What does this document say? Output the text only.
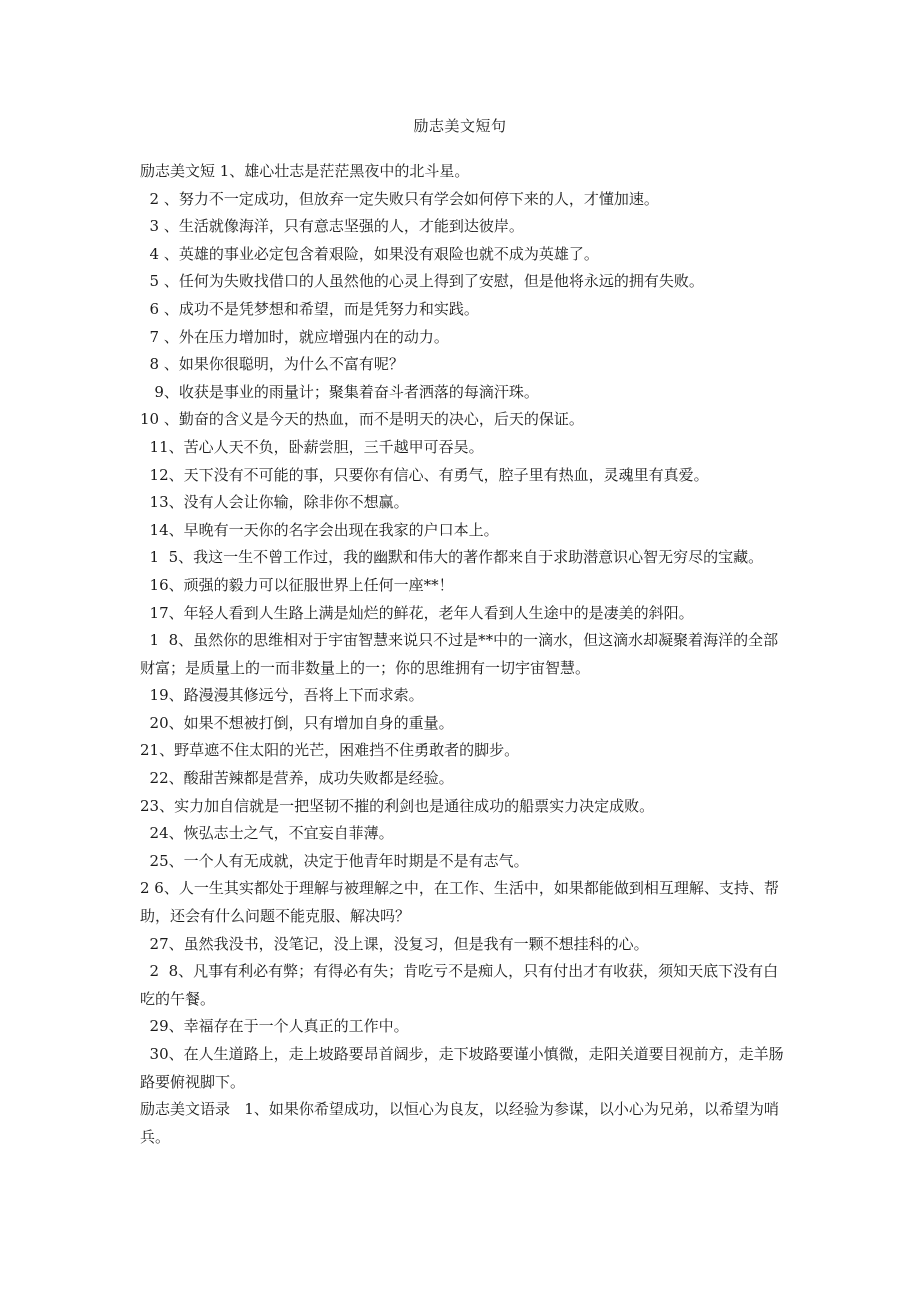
励志美文短句

励志美文短 1、雄心壮志是茫茫黑夜中的北斗星。

2 、努力不一定成功，但放弃一定失败只有学会如何停下来的人，才懂加速。

3 、生活就像海洋，只有意志坚强的人，才能到达彼岸。

4 、英雄的事业必定包含着艰险，如果没有艰险也就不成为英雄了。

5 、任何为失败找借口的人虽然他的心灵上得到了安慰，但是他将永远的拥有失败。

6 、成功不是凭梦想和希望，而是凭努力和实践。

7 、外在压力增加时，就应增强内在的动力。

8 、如果你很聪明，为什么不富有呢？

9、收获是事业的雨量计；聚集着奋斗者洒落的每滴汗珠。

10 、勤奋的含义是今天的热血，而不是明天的决心，后天的保证。

11、苦心人天不负，卧薪尝胆，三千越甲可吞吴。

12、天下没有不可能的事，只要你有信心、有勇气，腔子里有热血，灵魂里有真爱。

13、没有人会让你输，除非你不想赢。

14、早晚有一天你的名字会出现在我家的户口本上。

1  5、我这一生不曾工作过，我的幽默和伟大的著作都来自于求助潜意识心智无穷尽的宝藏。

16、顽强的毅力可以征服世界上任何一座**！

17、年轻人看到人生路上满是灿烂的鲜花，老年人看到人生途中的是凄美的斜阳。

1  8、虽然你的思维相对于宇宙智慧来说只不过是**中的一滴水，但这滴水却凝聚着海洋的全部财富；是质量上的一而非数量上的一；你的思维拥有一切宇宙智慧。

19、路漫漫其修远兮，吾将上下而求索。

20、如果不想被打倒，只有增加自身的重量。

21、野草遮不住太阳的光芒，困难挡不住勇敢者的脚步。

22、酸甜苦辣都是营养，成功失败都是经验。

23、实力加自信就是一把坚韧不摧的利剑也是通往成功的船票实力决定成败。

24、恢弘志士之气，不宜妄自菲薄。

25、一个人有无成就，决定于他青年时期是不是有志气。

2 6、人一生其实都处于理解与被理解之中，在工作、生活中，如果都能做到相互理解、支持、帮助，还会有什么问题不能克服、解决吗？

27、虽然我没书，没笔记，没上课，没复习，但是我有一颗不想挂科的心。

2  8、凡事有利必有弊；有得必有失；肯吃亏不是痴人，只有付出才有收获，须知天底下没有白吃的午餐。

29、幸福存在于一个人真正的工作中。

30、在人生道路上，走上坡路要昂首阔步，走下坡路要谨小慎微，走阳关道要目视前方，走羊肠路要俯视脚下。

励志美文语录   1、如果你希望成功，以恒心为良友，以经验为参谋，以小心为兄弟，以希望为哨兵。
